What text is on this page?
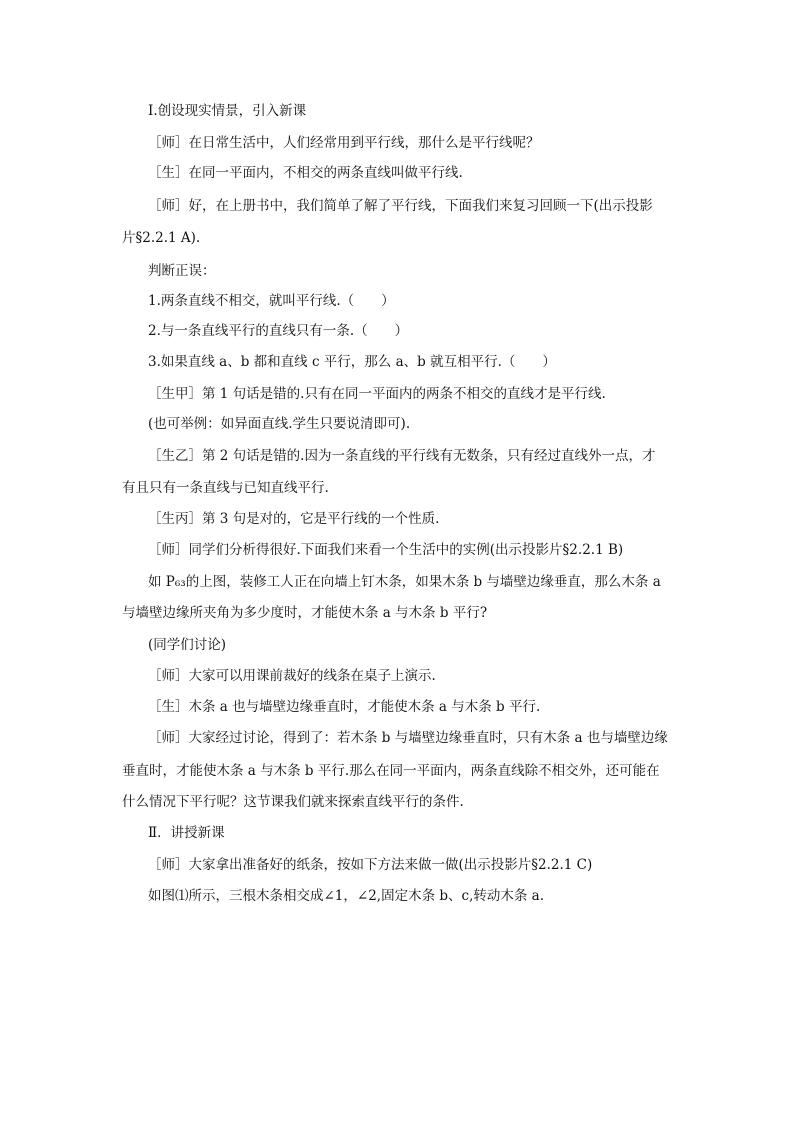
Ⅰ.创设现实情景，引入新课
［师］在日常生活中，人们经常用到平行线，那什么是平行线呢？
［生］在同一平面内，不相交的两条直线叫做平行线.
［师］好，在上册书中，我们简单了解了平行线，下面我们来复习回顾一下(出示投影
片§2.2.1 A).
判断正误：
1.两条直线不相交，就叫平行线.（　　）
2.与一条直线平行的直线只有一条.（　　）
3.如果直线 a、b 都和直线 c 平行，那么 a、b 就互相平行.（　　）
［生甲］第 1 句话是错的.只有在同一平面内的两条不相交的直线才是平行线.
(也可举例：如异面直线.学生只要说清即可).
［生乙］第 2 句话是错的.因为一条直线的平行线有无数条，只有经过直线外一点，才
有且只有一条直线与已知直线平行.
［生丙］第 3 句是对的，它是平行线的一个性质.
［师］同学们分析得很好.下面我们来看一个生活中的实例(出示投影片§2.2.1 B)
如 P₆₃的上图，装修工人正在向墙上钉木条，如果木条 b 与墙壁边缘垂直，那么木条 a
与墙壁边缘所夹角为多少度时，才能使木条 a 与木条 b 平行?
(同学们讨论)
［师］大家可以用课前裁好的线条在桌子上演示.
［生］木条 a 也与墙壁边缘垂直时，才能使木条 a 与木条 b 平行.
［师］大家经过讨论，得到了：若木条 b 与墙壁边缘垂直时，只有木条 a 也与墙壁边缘
垂直时，才能使木条 a 与木条 b 平行.那么在同一平面内，两条直线除不相交外，还可能在
什么情况下平行呢？这节课我们就来探索直线平行的条件.
Ⅱ．讲授新课
［师］大家拿出准备好的纸条，按如下方法来做一做(出示投影片§2.2.1 C)
如图⑴所示，三根木条相交成∠1，∠2,固定木条 b、c,转动木条 a.
